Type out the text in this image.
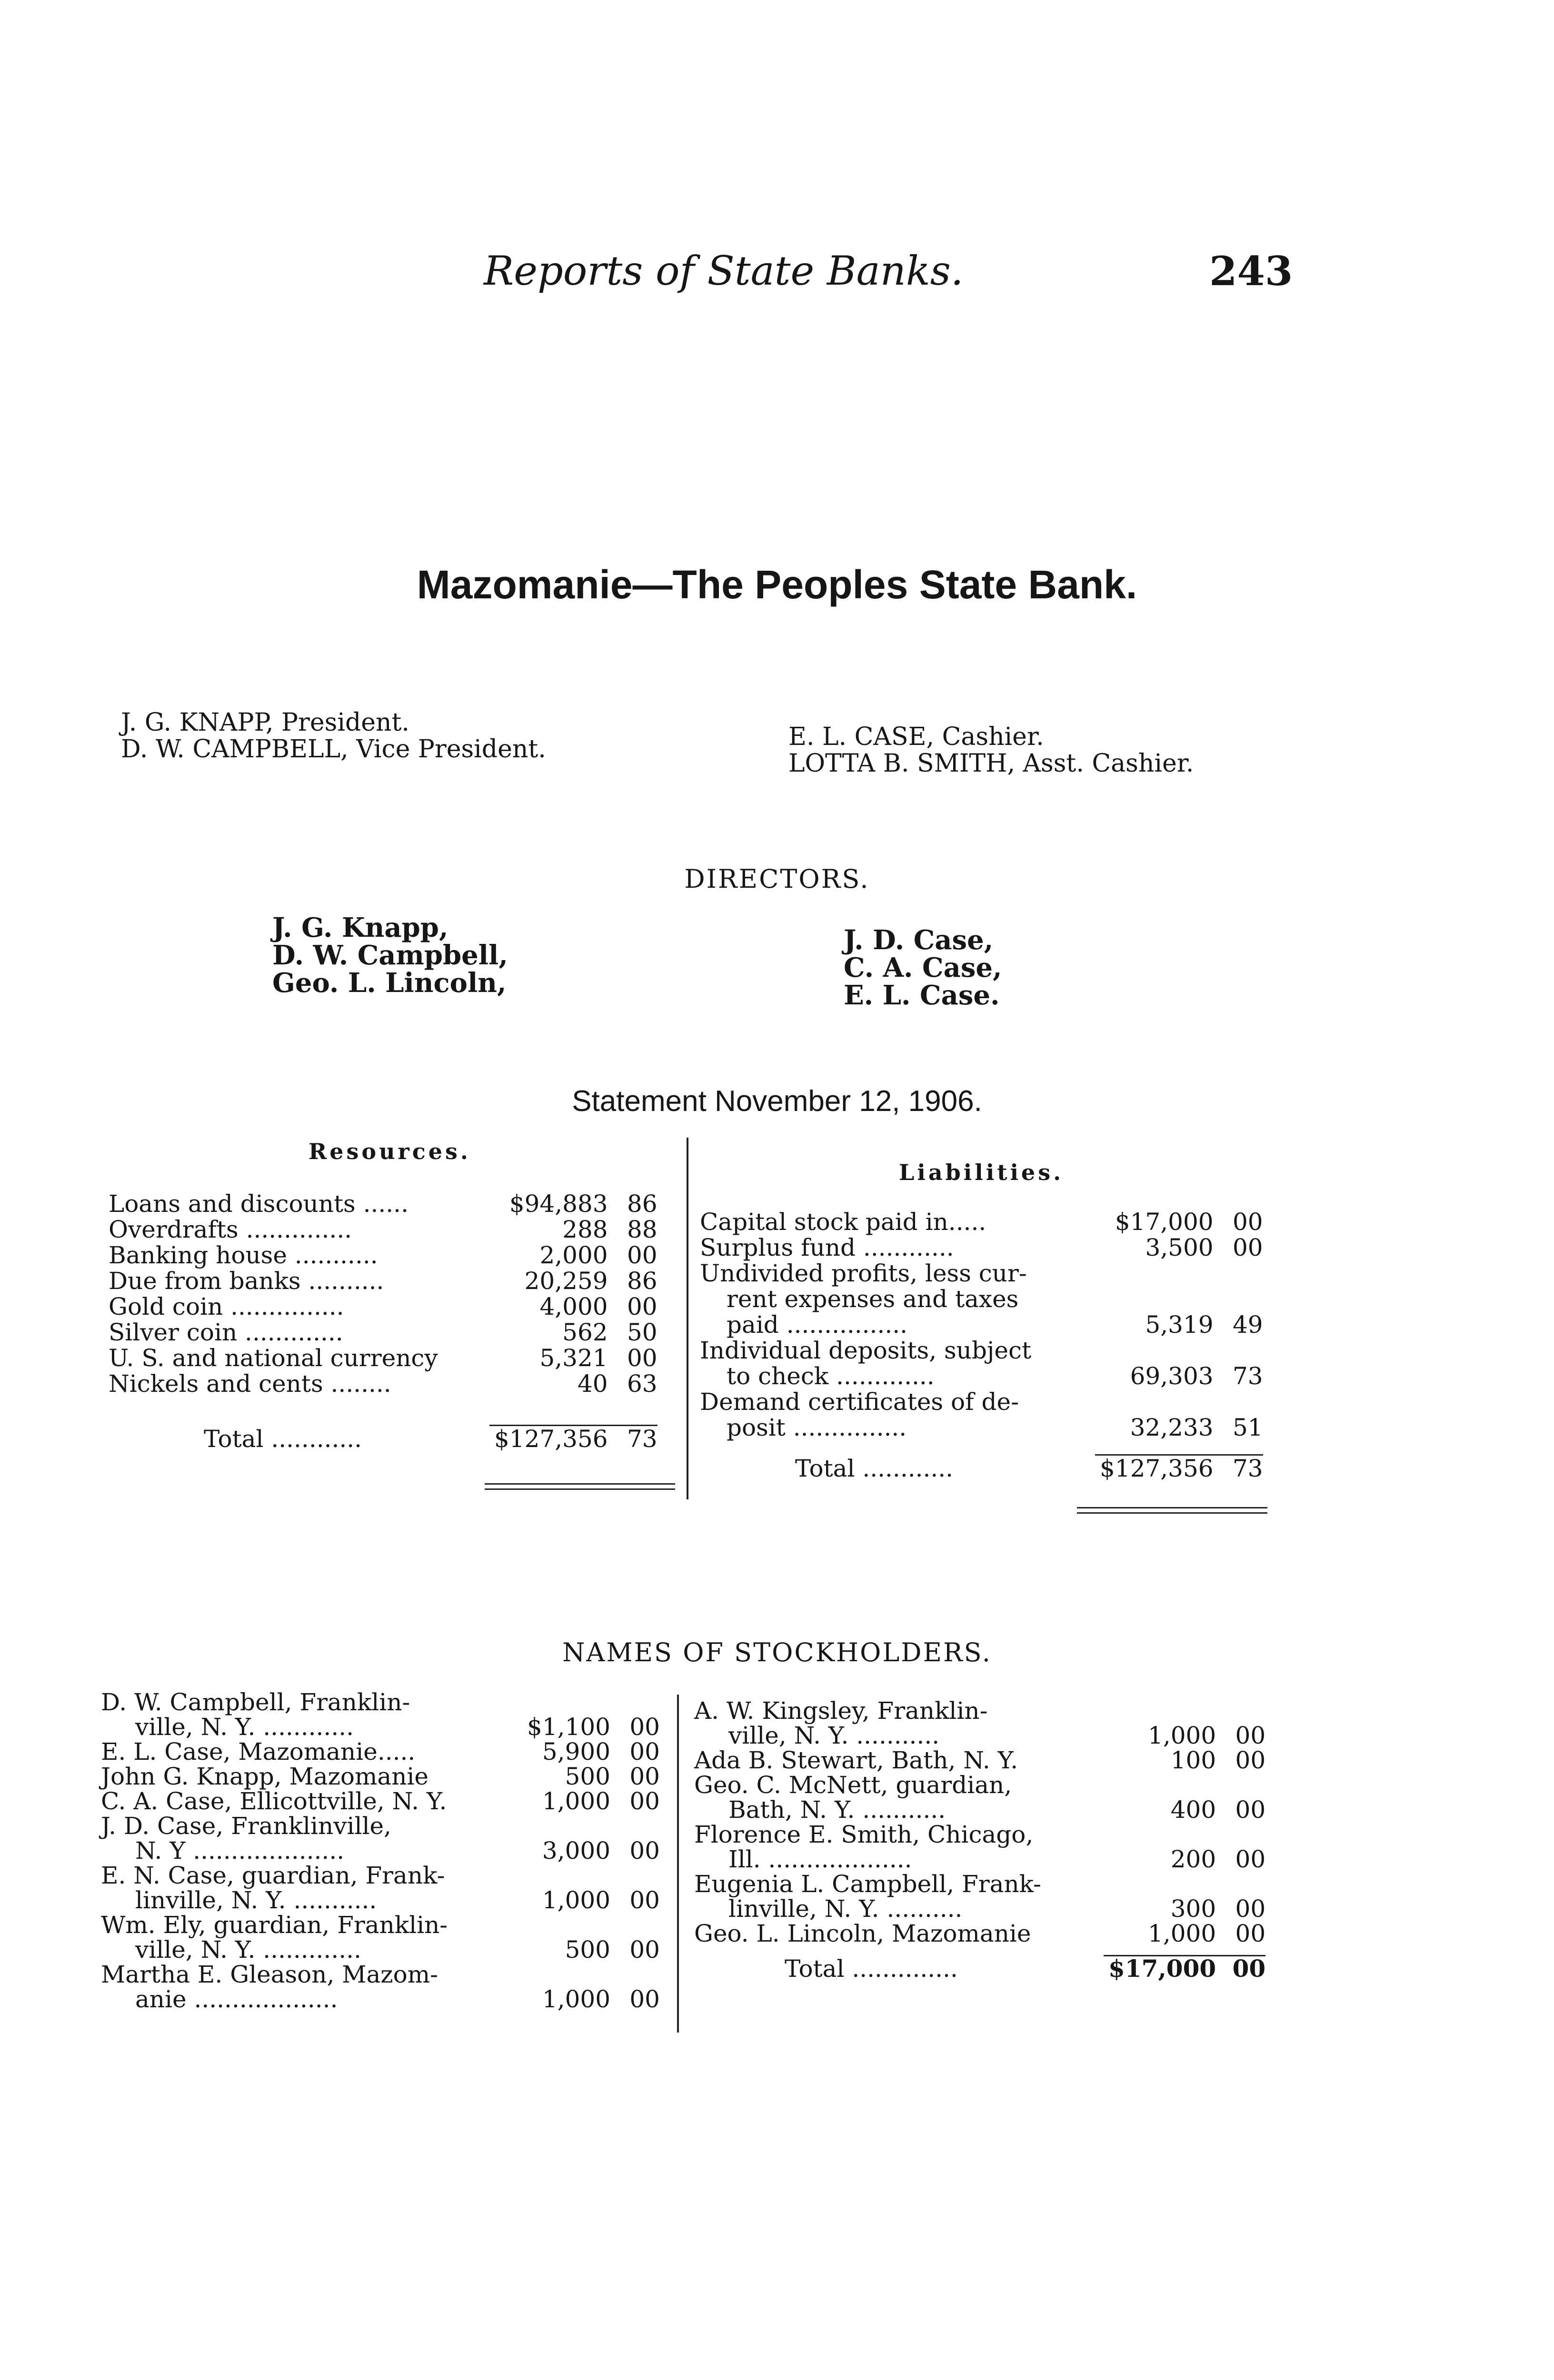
Reports of State Banks.	243
Mazomanie—The Peoples State Bank.
J. G. KNAPP, President.
D. W. CAMPBELL, Vice President.	E. L. CASE, Cashier.
LOTTA B. SMITH, Asst. Cashier.
DIRECTORS.
J. G. Knapp,
D. W. Campbell,
Geo. L. Lincoln,
J. D. Case,
C. A. Case,
E. L. Case.
Statement November 12, 1906.
Resources.
Liabilities.
Loans and discounts ......	$94,883	86
Overdrafts ..............	288	88
Banking house ...........	2,000	00
Due from banks ..........	20,259	86
Gold coin ...............	4,000	00
Silver coin .............	562	50
U. S. and national currency	5,321	00
Nickels and cents ........	40	63

Total ............	$127,356	73
Capital stock paid in.....	$17,000	00
Surplus fund ............	3,500	00

Undivided profits, less cur-
rent expenses and taxes
paid ................	5,319	49

Individual deposits, subject
to check .............	69,303	73

Demand certificates of de-
posit ...............	32,233	51

Total ............	$127,356	73
NAMES OF STOCKHOLDERS.
D. W. Campbell, Franklin-
ville, N. Y. ............	$1,100	00
E. L. Case, Mazomanie.....	5,900	00
John G. Knapp, Mazomanie	500	00
C. A. Case, Ellicottville, N. Y.	1,000	00

J. D. Case, Franklinville,
N. Y ....................	3,000	00

E. N. Case, guardian, Frank-
linville, N. Y. ...........	1,000	00

Wm. Ely, guardian, Franklin-
ville, N. Y. .............	500	00

Martha E. Gleason, Mazom-
anie ...................	1,000	00
A. W. Kingsley, Franklin-
ville, N. Y. ...........	1,000	00
Ada B. Stewart, Bath, N. Y.	100	00

Geo. C. McNett, guardian,
Bath, N. Y. ...........	400	00

Florence E. Smith, Chicago,
Ill. ...................	200	00

Eugenia L. Campbell, Frank-
linville, N. Y. ..........	300	00
Geo. L. Lincoln, Mazomanie	1,000	00

Total ..............	$17,000	00
